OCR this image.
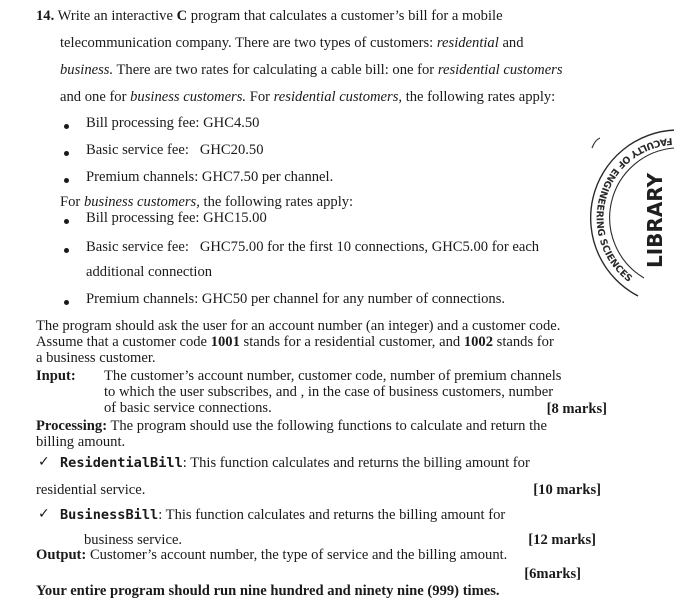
14. Write an interactive C program that calculates a customer’s bill for a mobile
telecommunication company. There are two types of customers: residential and
business. There are two rates for calculating a cable bill: one for residential customers
and one for business customers. For residential customers, the following rates apply:
Bill processing fee: GHC4.50
Basic service fee:   GHC20.50
Premium channels: GHC7.50 per channel.
For business customers, the following rates apply:
Bill processing fee: GHC15.00
Basic service fee:   GHC75.00 for the first 10 connections, GHC5.00 for each
additional connection
Premium channels: GHC50 per channel for any number of connections.
The program should ask the user for an account number (an integer) and a customer code.
Assume that a customer code 1001 stands for a residential customer, and 1002 stands for
a business customer.
Input: The customer’s account number, customer code, number of premium channels
to which the user subscribes, and , in the case of business customers, number
of basic service connections.	[8 marks]
Processing: The program should use the following functions to calculate and return the
billing amount.
✓ ResidentialBill: This function calculates and returns the billing amount for
residential service.	[10 marks]
✓ BusinessBill: This function calculates and returns the billing amount for
business service.	[12 marks]
Output: Customer’s account number, the type of service and the billing amount.
[6marks]
Your entire program should run nine hundred and ninety nine (999) times.
FACULTY OF ENGINEERING SCIENCES
LIBRARY
